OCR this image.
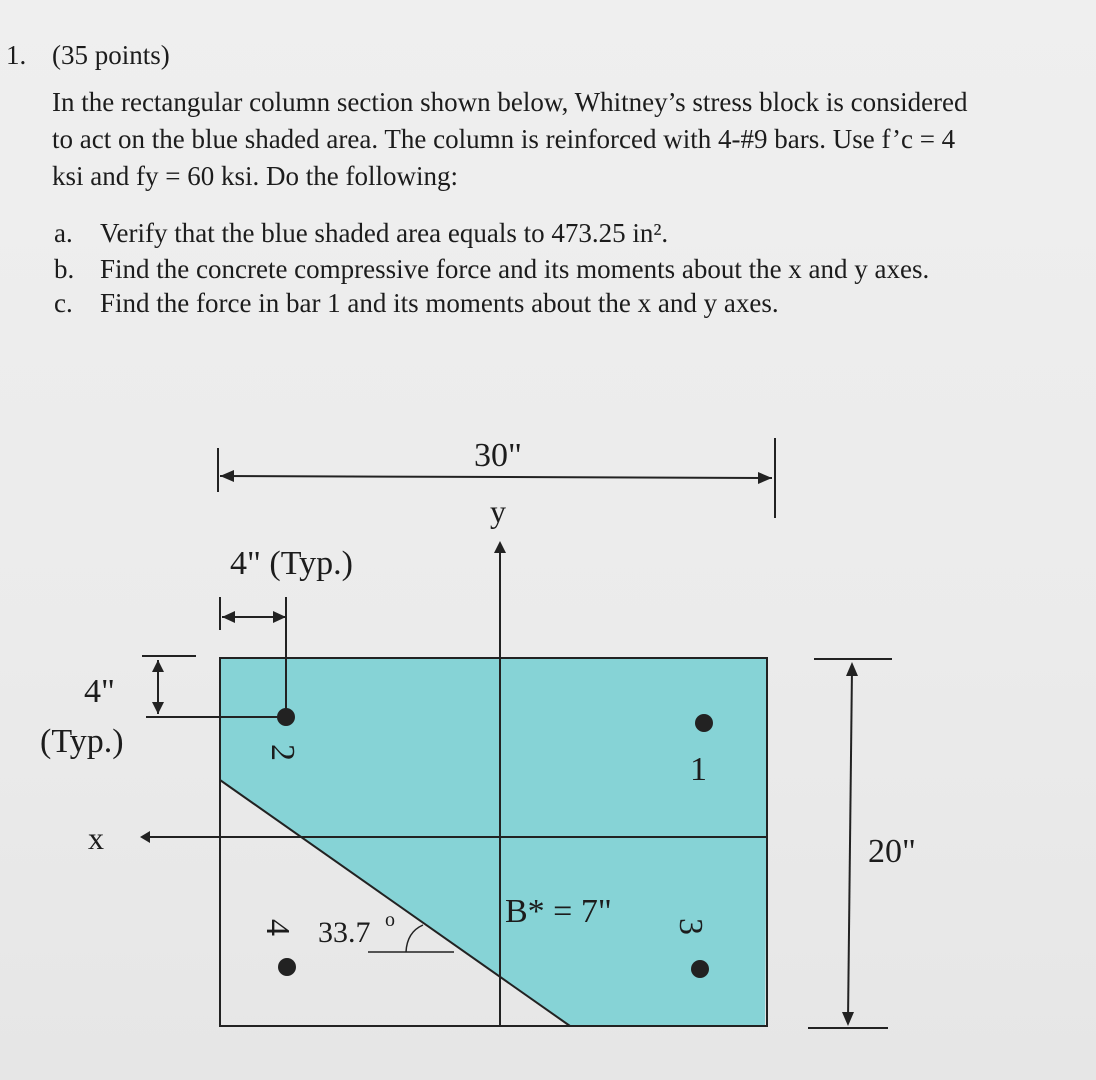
1. (35 points)
In the rectangular column section shown below, Whitney’s stress block is considered
to act on the blue shaded area. The column is reinforced with 4-#9 bars. Use f’c = 4
ksi and fy = 60 ksi. Do the following:
a. Verify that the blue shaded area equals to 473.25 in².
b. Find the concrete compressive force and its moments about the x and y axes.
c. Find the force in bar 1 and its moments about the x and y axes.
30"
y
20"
4" (Typ.)
4"
(Typ.)
1
2
3
4 33.7 o	B* = 7"
x
